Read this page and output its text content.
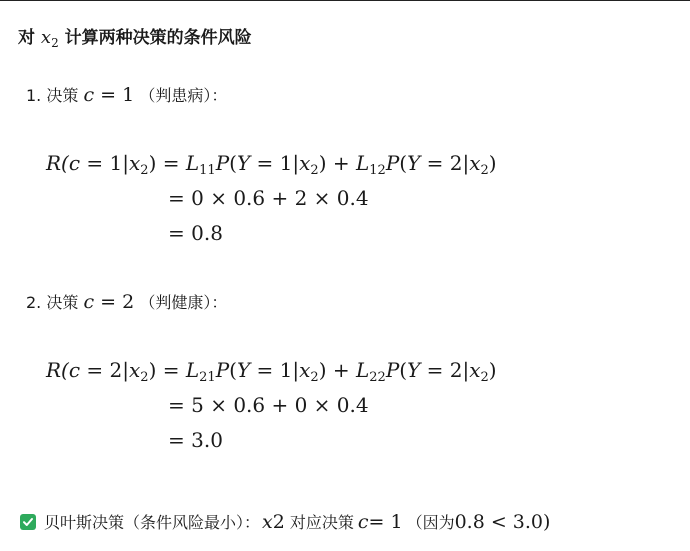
对 $x_2$ 计算两种决策的条件风险
1. 决策 c = 1 （判患病）：
$R(c = 1|x_2) = L_{11}P(Y = 1|x_2) + L_{12}P(Y = 2|x_2)$
= 0 × 0.6 + 2 × 0.4
= 0.8
2. 决策 c = 2 （判健康）：
$R(c = 2|x_2) = L_{21}P(Y = 1|x_2) + L_{22}P(Y = 2|x_2)$
= 5 × 0.6 + 0 × 0.4
= 3.0
贝叶斯决策（条件风险最小）： x 2 对应决策 c = 1 （因为 0.8 < 3.0 )
